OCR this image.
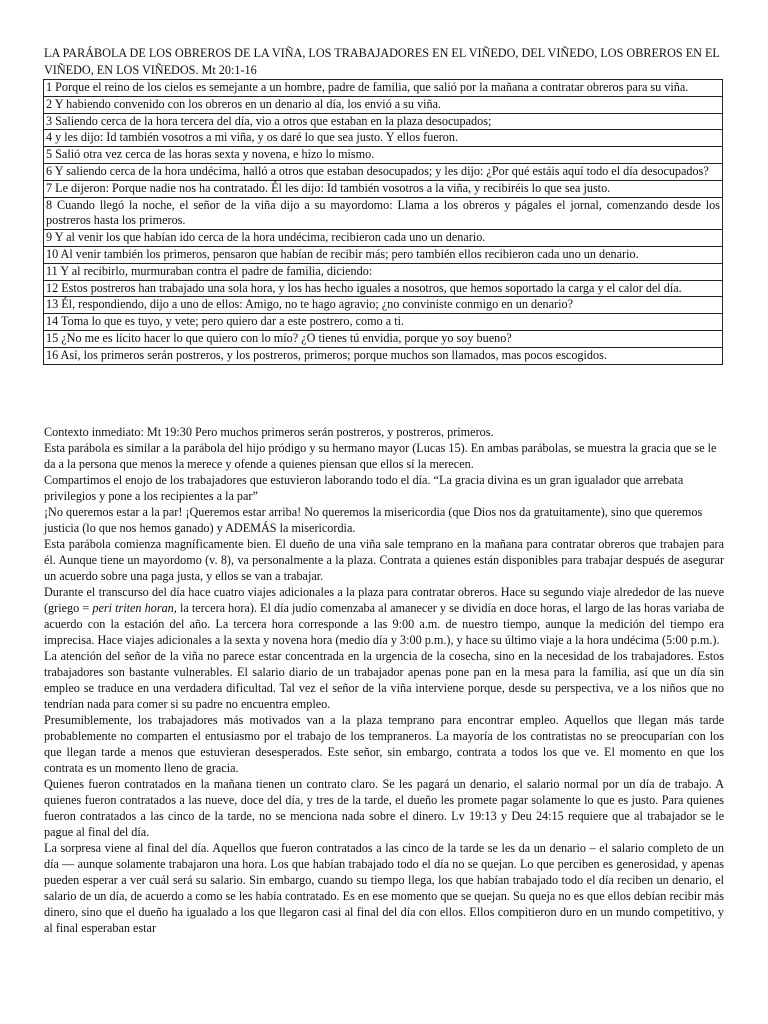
LA PARÁBOLA DE LOS OBREROS DE LA VIÑA, LOS TRABAJADORES EN EL VIÑEDO, DEL VIÑEDO, LOS OBREROS EN EL VIÑEDO, EN LOS VIÑEDOS. Mt 20:1-16
1 Porque el reino de los cielos es semejante a un hombre, padre de familia, que salió por la mañana a contratar obreros para su viña.
2 Y habiendo convenido con los obreros en un denario al día, los envió a su viña.
3 Saliendo cerca de la hora tercera del día, vio a otros que estaban en la plaza desocupados;
4 y les dijo: Id también vosotros a mi viña, y os daré lo que sea justo. Y ellos fueron.
5 Salió otra vez cerca de las horas sexta y novena, e hizo lo mismo.
6 Y saliendo cerca de la hora undécima, halló a otros que estaban desocupados; y les dijo: ¿Por qué estáis aquí todo el día desocupados?
7 Le dijeron: Porque nadie nos ha contratado. Él les dijo: Id también vosotros a la viña, y recibiréis lo que sea justo.
8 Cuando llegó la noche, el señor de la viña dijo a su mayordomo: Llama a los obreros y págales el jornal, comenzando desde los postreros hasta los primeros.
9 Y al venir los que habían ido cerca de la hora undécima, recibieron cada uno un denario.
10 Al venir también los primeros, pensaron que habían de recibir más; pero también ellos recibieron cada uno un denario.
11 Y al recibirlo, murmuraban contra el padre de familia, diciendo:
12 Estos postreros han trabajado una sola hora, y los has hecho iguales a nosotros, que hemos soportado la carga y el calor del día.
13 Él, respondiendo, dijo a uno de ellos: Amigo, no te hago agravio; ¿no conviniste conmigo en un denario?
14 Toma lo que es tuyo, y vete; pero quiero dar a este postrero, como a ti.
15 ¿No me es lícito hacer lo que quiero con lo mío? ¿O tienes tú envidia, porque yo soy bueno?
16 Así, los primeros serán postreros, y los postreros, primeros; porque muchos son llamados, mas pocos escogidos.

Contexto inmediato: Mt 19:30 Pero muchos primeros serán postreros, y postreros, primeros.

Esta parábola es similar a la parábola del hijo pródigo y su hermano mayor (Lucas 15). En ambas parábolas, se muestra la gracia que se le da a la persona que menos la merece y ofende a quienes piensan que ellos sí la merecen.

Compartimos el enojo de los trabajadores que estuvieron laborando todo el día. “La gracia divina es un gran igualador que arrebata privilegios y pone a los recipientes a la par”

¡No queremos estar a la par! ¡Queremos estar arriba! No queremos la misericordia (que Dios nos da gratuitamente), sino que queremos justicia (lo que nos hemos ganado) y ADEMÁS la misericordia.

Esta parábola comienza magníficamente bien. El dueño de una viña sale temprano en la mañana para contratar obreros que trabajen para él. Aunque tiene un mayordomo (v. 8), va personalmente a la plaza. Contrata a quienes están disponibles para trabajar después de asegurar un acuerdo sobre una paga justa, y ellos se van a trabajar.

Durante el transcurso del día hace cuatro viajes adicionales a la plaza para contratar obreros. Hace su segundo viaje alrededor de las nueve (griego = peri triten horan, la tercera hora). El día judío comenzaba al amanecer y se dividía en doce horas, el largo de las horas variaba de acuerdo con la estación del año. La tercera hora corresponde a las 9:00 a.m. de nuestro tiempo, aunque la medición del tiempo era imprecisa. Hace viajes adicionales a la sexta y novena hora (medio día y 3:00 p.m.), y hace su último viaje a la hora undécima (5:00 p.m.).

La atención del señor de la viña no parece estar concentrada en la urgencia de la cosecha, sino en la necesidad de los trabajadores. Estos trabajadores son bastante vulnerables. El salario diario de un trabajador apenas pone pan en la mesa para la familia, así que un día sin empleo se traduce en una verdadera dificultad. Tal vez el señor de la viña interviene porque, desde su perspectiva, ve a los niños que no tendrían nada para comer si su padre no encuentra empleo.

Presumiblemente, los trabajadores más motivados van a la plaza temprano para encontrar empleo. Aquellos que llegan más tarde probablemente no comparten el entusiasmo por el trabajo de los tempraneros. La mayoría de los contratistas no se preocuparían con los que llegan tarde a menos que estuvieran desesperados. Este señor, sin embargo, contrata a todos los que ve. El momento en que los contrata es un momento lleno de gracia.

Quienes fueron contratados en la mañana tienen un contrato claro. Se les pagará un denario, el salario normal por un día de trabajo. A quienes fueron contratados a las nueve, doce del día, y tres de la tarde, el dueño les promete pagar solamente lo que es justo. Para quienes fueron contratados a las cinco de la tarde, no se menciona nada sobre el dinero. Lv 19:13 y Deu 24:15 requiere que al trabajador se le pague al final del día.

La sorpresa viene al final del día. Aquellos que fueron contratados a las cinco de la tarde se les da un denario – el salario completo de un día — aunque solamente trabajaron una hora. Los que habían trabajado todo el día no se quejan. Lo que perciben es generosidad, y apenas pueden esperar a ver cuál será su salario. Sin embargo, cuando su tiempo llega, los que habían trabajado todo el día reciben un denario, el salario de un día, de acuerdo a como se les había contratado. Es en ese momento que se quejan. Su queja no es que ellos debían recibir más dinero, sino que el dueño ha igualado a los que llegaron casi al final del día con ellos. Ellos compitieron duro en un mundo competitivo, y al final esperaban estar
